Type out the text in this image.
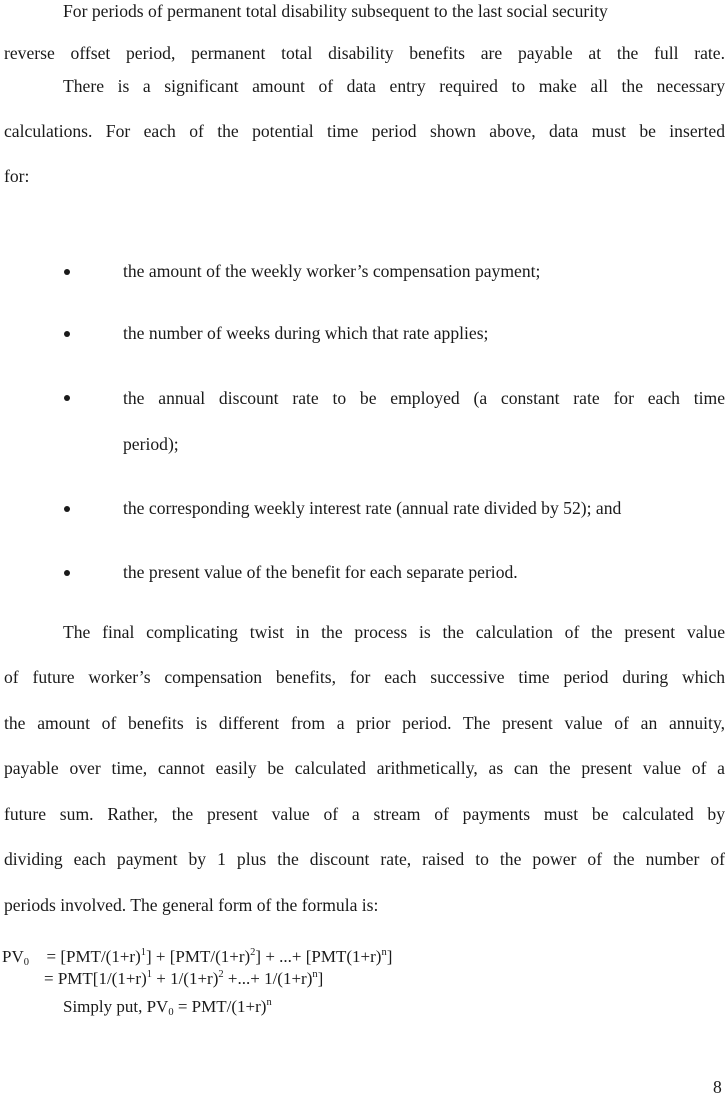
For periods of permanent total disability subsequent to the last social security
reverse offset period, permanent total disability benefits are payable at the full rate.
There is a significant amount of data entry required to make all the necessary
calculations. For each of the potential time period shown above, data must be inserted
for:
the amount of the weekly worker’s compensation payment;
the number of weeks during which that rate applies;
the annual discount rate to be employed (a constant rate for each time
period);
the corresponding weekly interest rate (annual rate divided by 52); and
the present value of the benefit for each separate period.
The final complicating twist in the process is the calculation of the present value
of future worker’s compensation benefits, for each successive time period during which
the amount of benefits is different from a prior period. The present value of an annuity,
payable over time, cannot easily be calculated arithmetically, as can the present value of a
future sum. Rather, the present value of a stream of payments must be calculated by
dividing each payment by 1 plus the discount rate, raised to the power of the number of
periods involved. The general form of the formula is:
$PV_0 = [PMT/(1+r)^1] + [PMT/(1+r)^2]$ + ...+ $[PMT(1+r)^n]$
= $PMT[1/(1+r)^1 + 1/(1+r)^2$ +...+ $1/(1+r)^n$]
Simply put, $PV_0 = PMT/(1+r)^n$
8
